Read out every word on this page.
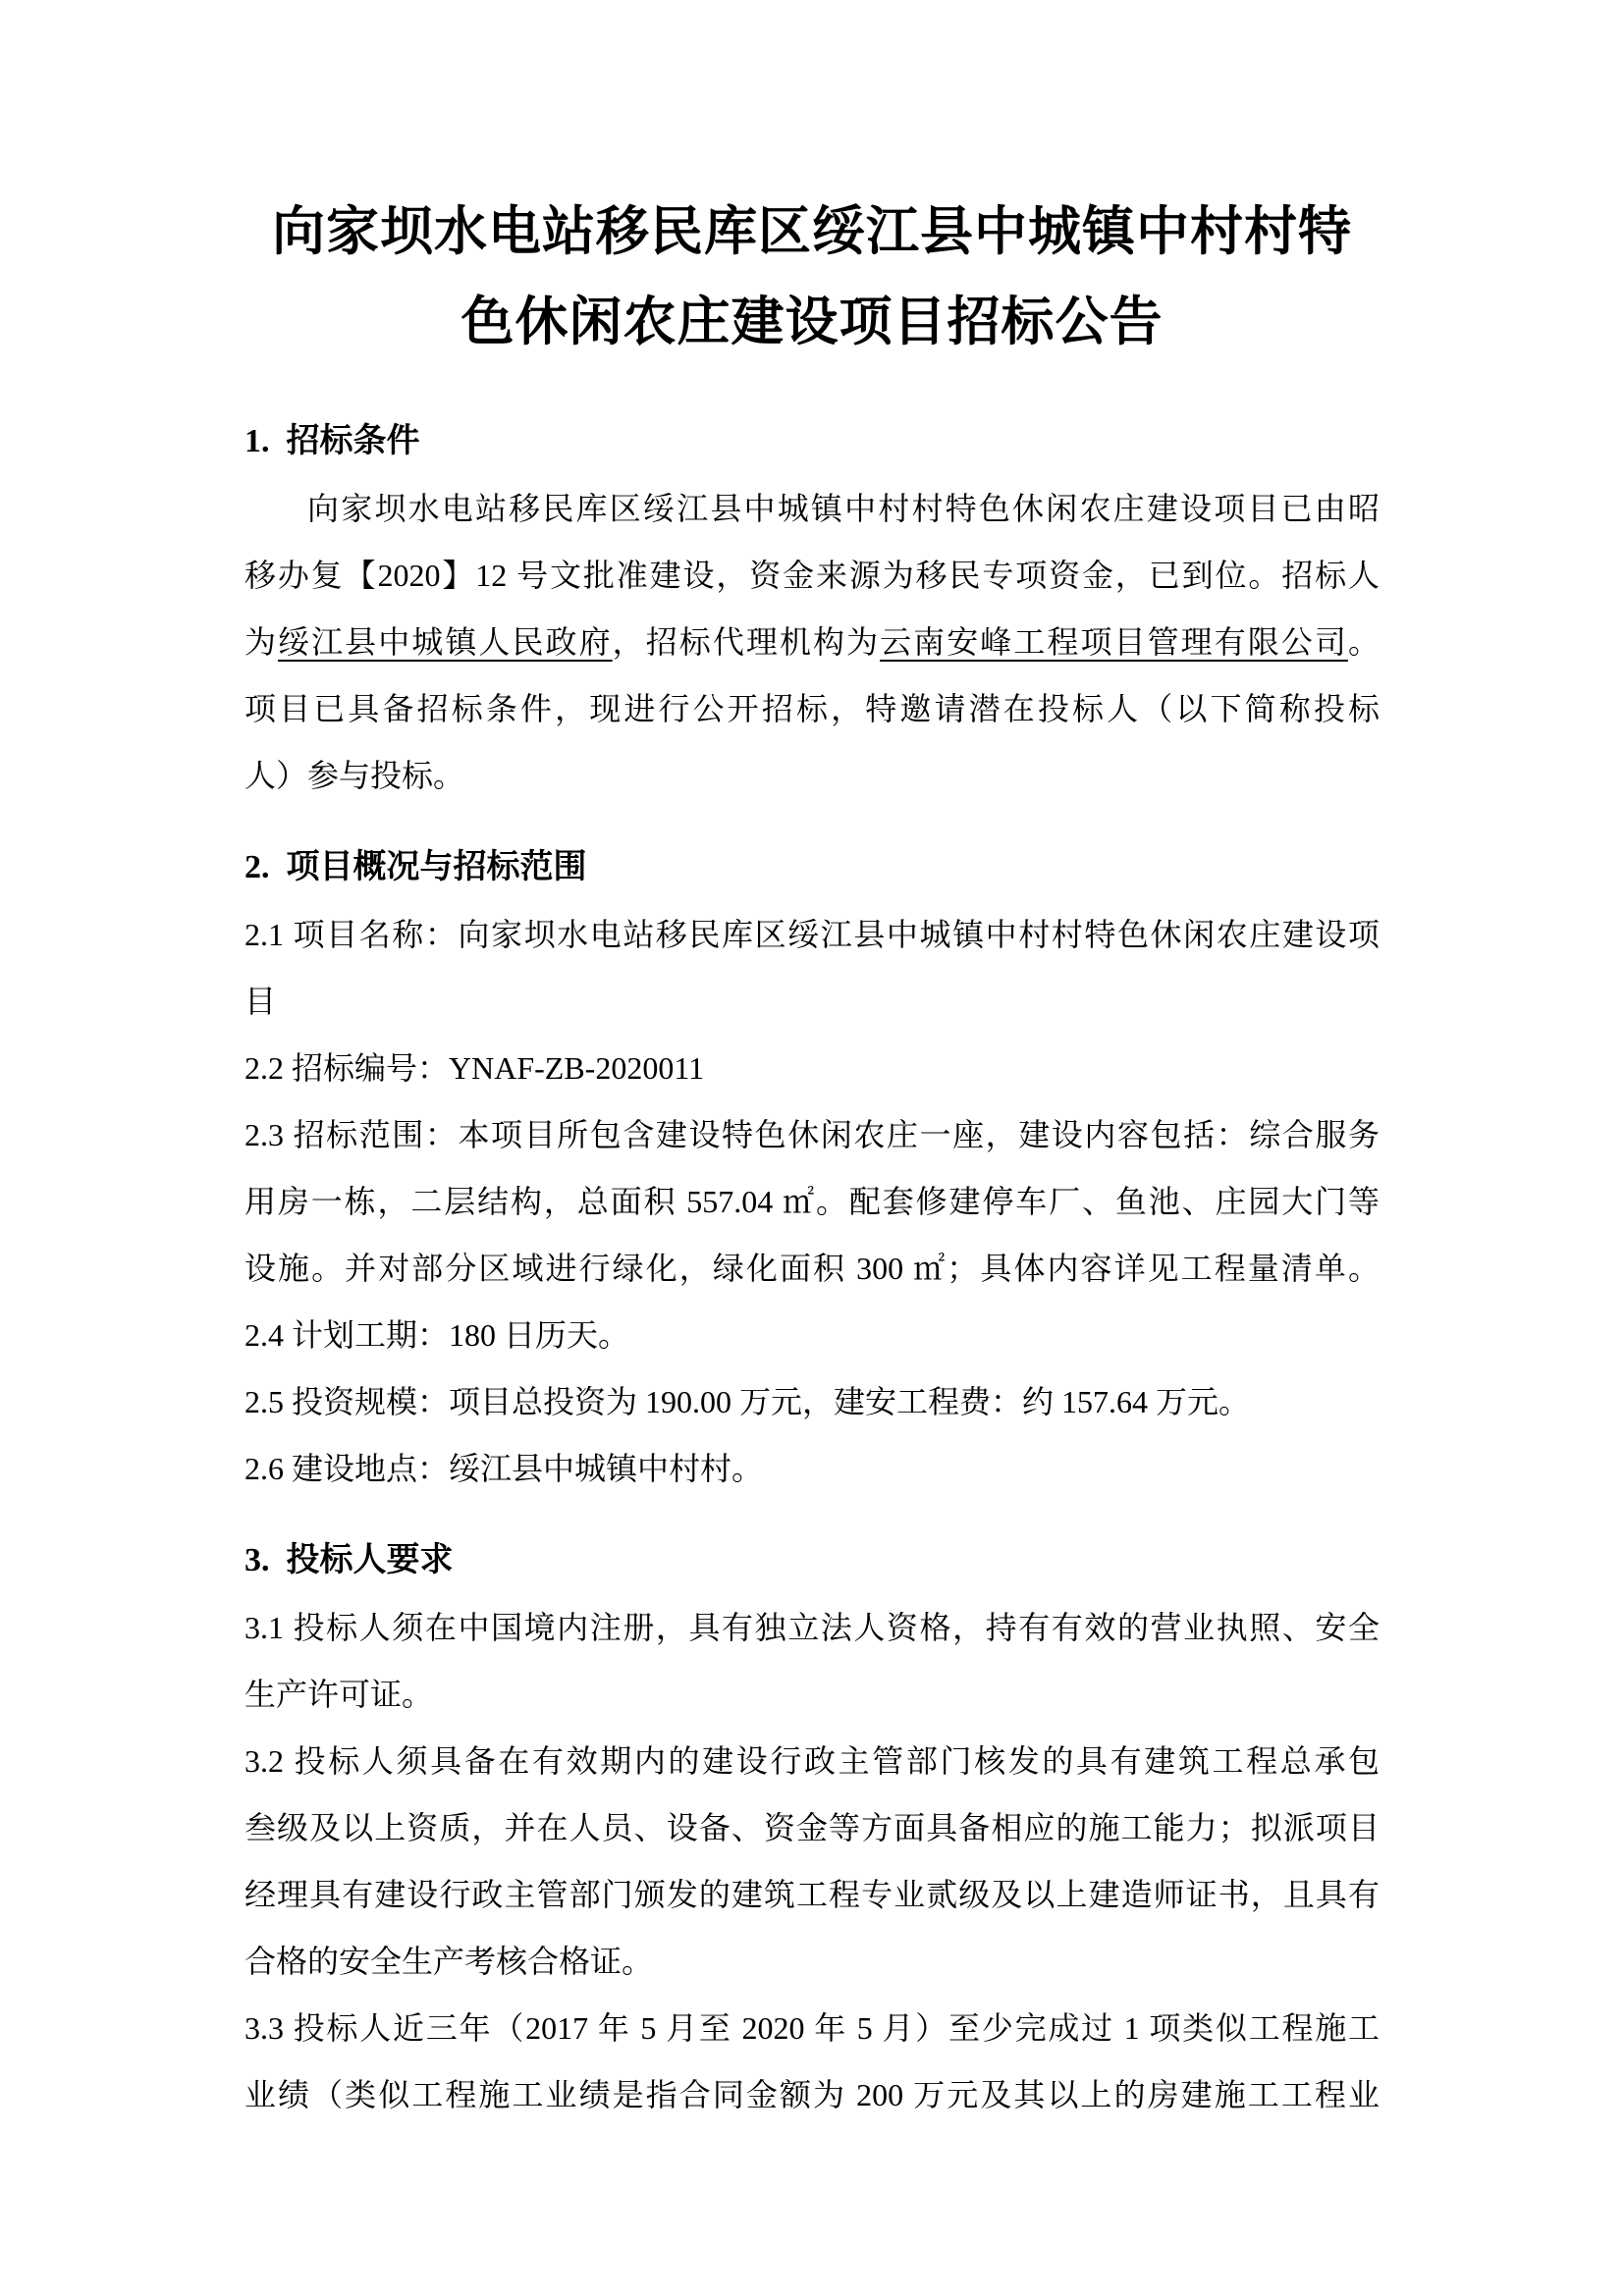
向家坝水电站移民库区绥江县中城镇中村村特
色休闲农庄建设项目招标公告
1.  招标条件
向家坝水电站移民库区绥江县中城镇中村村特色休闲农庄建设项目已由昭
移办复【2020】12 号文批准建设，资金来源为移民专项资金，已到位。招标人
为绥江县中城镇人民政府，招标代理机构为云南安峰工程项目管理有限公司。
项目已具备招标条件，现进行公开招标，特邀请潜在投标人（以下简称投标
人）参与投标。
2.  项目概况与招标范围
2.1 项目名称：向家坝水电站移民库区绥江县中城镇中村村特色休闲农庄建设项
目
2.2 招标编号：YNAF-ZB-2020011
2.3 招标范围：本项目所包含建设特色休闲农庄一座，建设内容包括：综合服务
用房一栋，二层结构，总面积 557.04 ㎡。配套修建停车厂、鱼池、庄园大门等
设施。并对部分区域进行绿化，绿化面积 300 ㎡；具体内容详见工程量清单。
2.4 计划工期：180 日历天。
2.5 投资规模：项目总投资为 190.00 万元，建安工程费：约 157.64 万元。
2.6 建设地点：绥江县中城镇中村村。
3.  投标人要求
3.1 投标人须在中国境内注册，具有独立法人资格，持有有效的营业执照、安全
生产许可证。
3.2 投标人须具备在有效期内的建设行政主管部门核发的具有建筑工程总承包
叁级及以上资质，并在人员、设备、资金等方面具备相应的施工能力；拟派项目
经理具有建设行政主管部门颁发的建筑工程专业贰级及以上建造师证书，且具有
合格的安全生产考核合格证。
3.3 投标人近三年（2017 年 5 月至 2020 年 5 月）至少完成过 1 项类似工程施工
业绩（类似工程施工业绩是指合同金额为 200 万元及其以上的房建施工工程业
